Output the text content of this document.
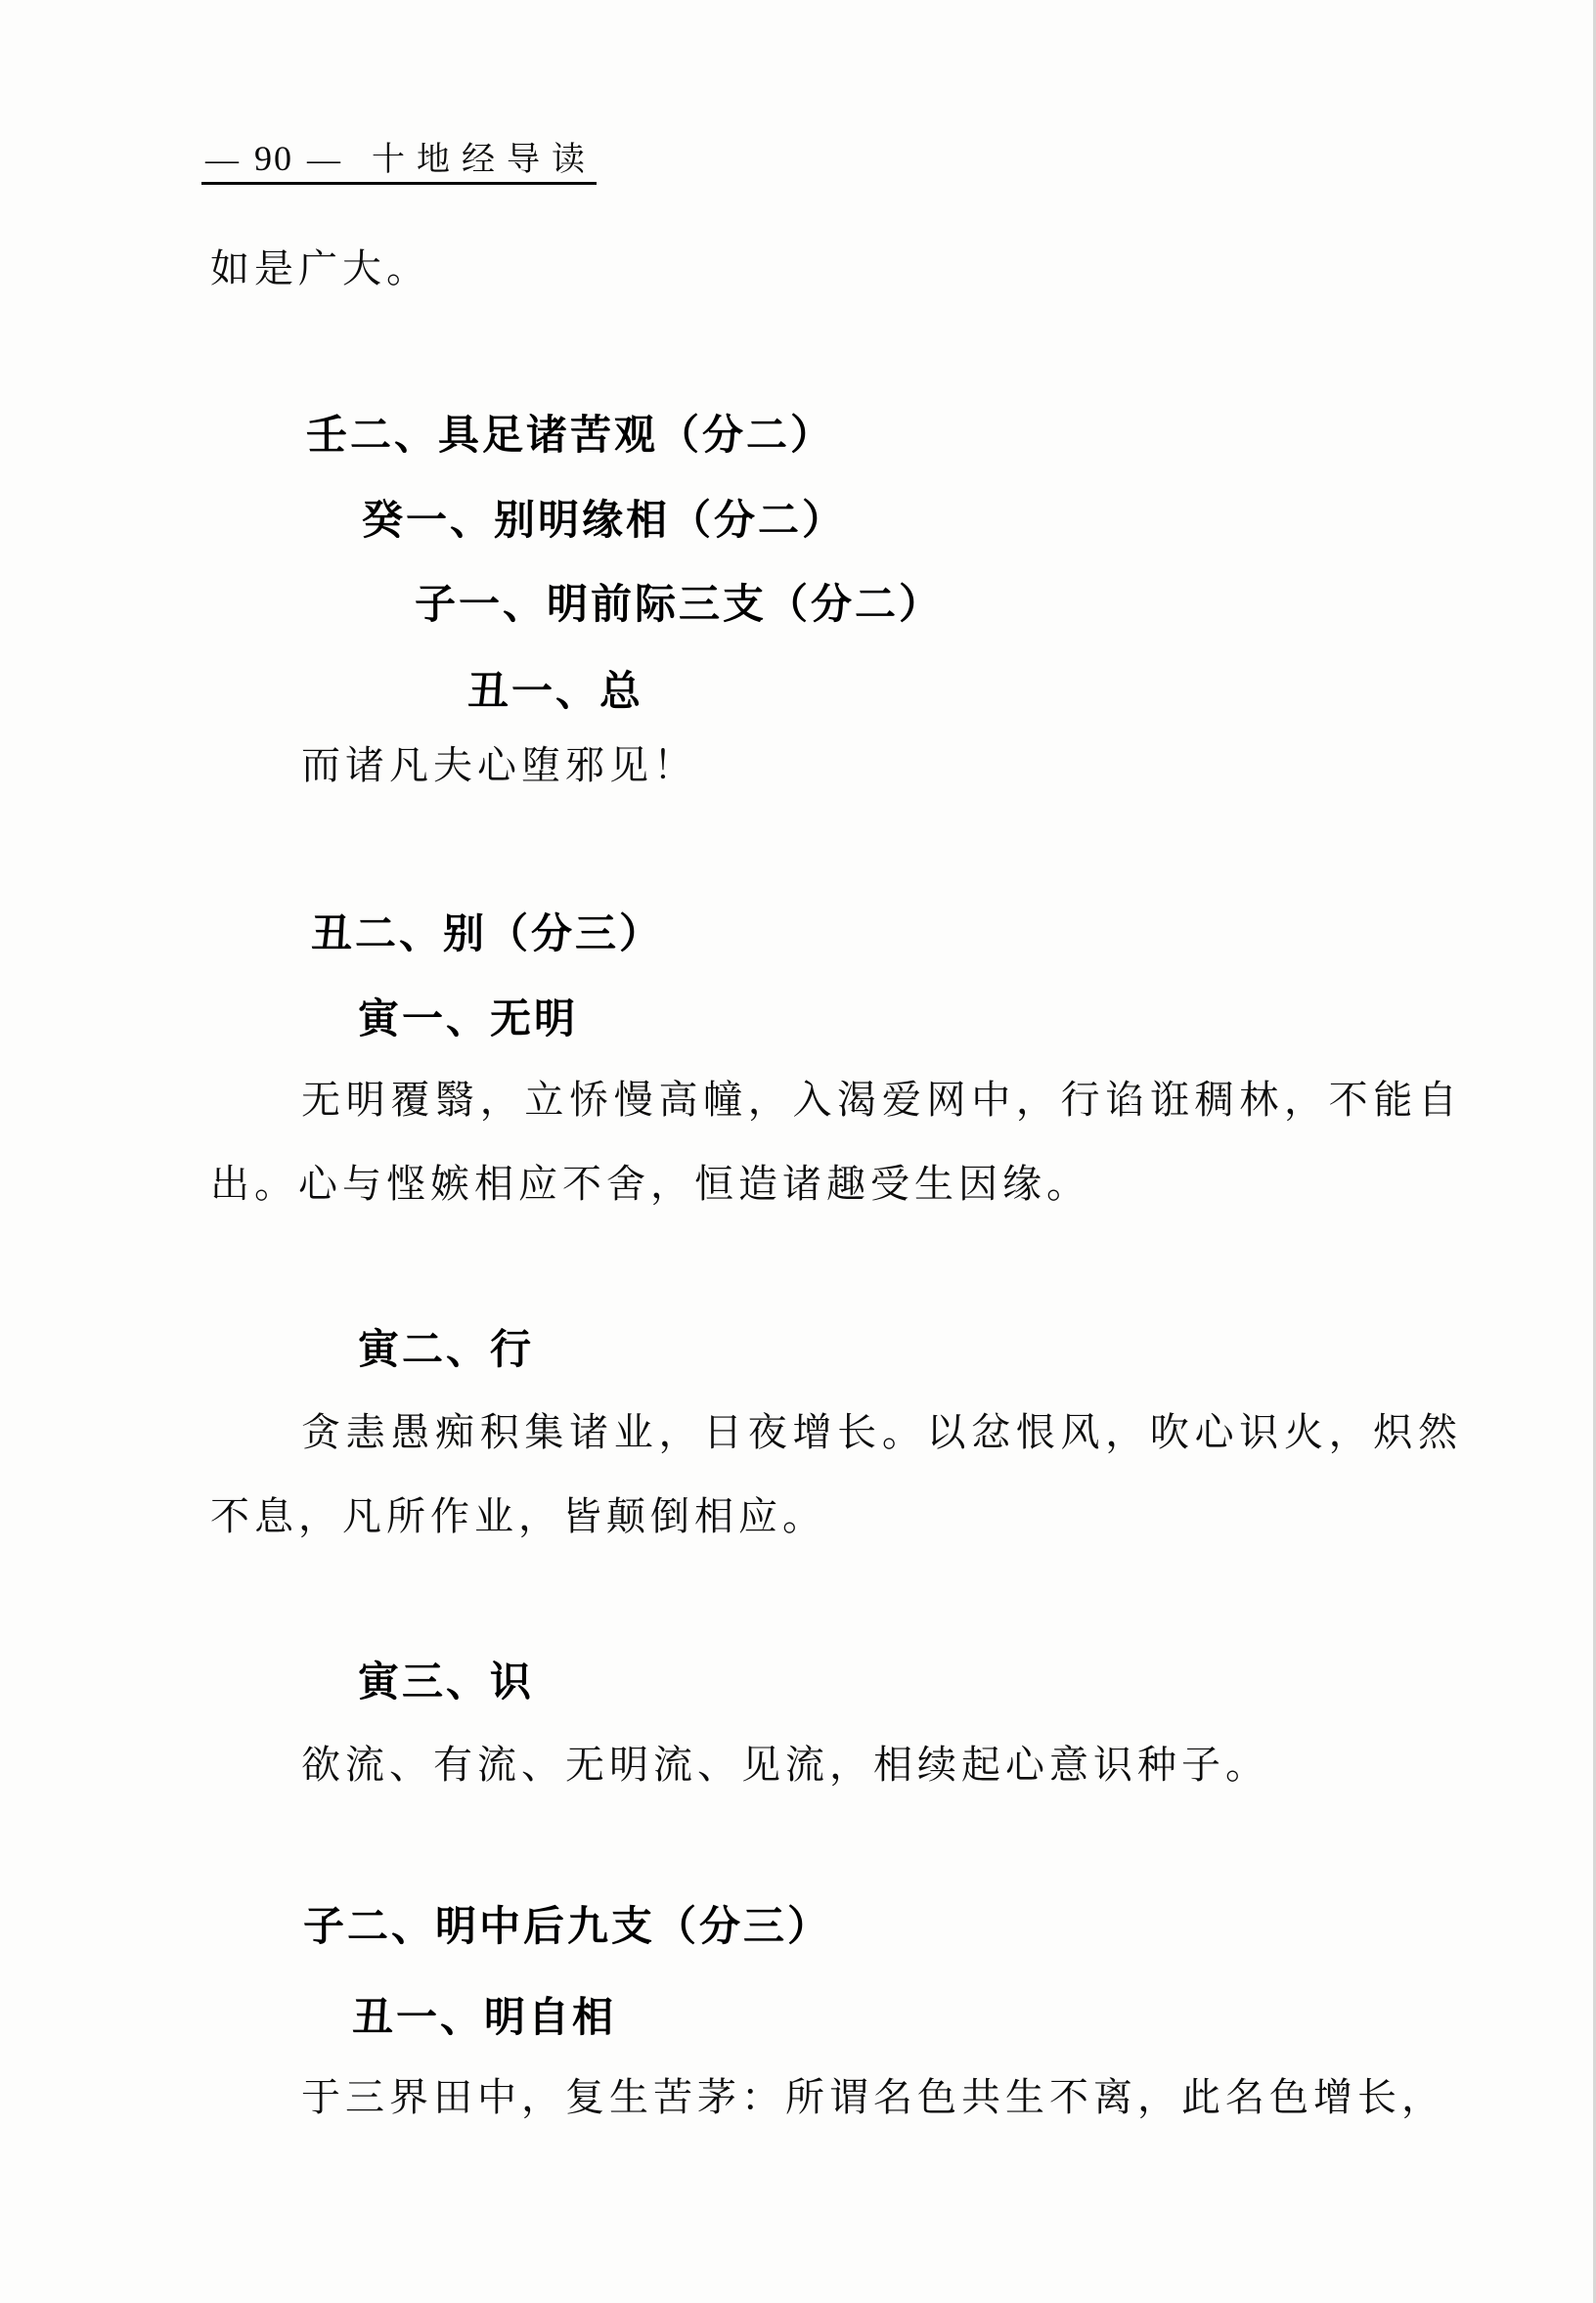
— 90 — 十地经导读

如是广大。

壬二、具足诸苦观（分二）
癸一、别明缘相（分二）
子一、明前际三支（分二）
丑一、总

而诸凡夫心堕邪见！

丑二、别（分三）
寅一、无明

无明覆翳，立㤭慢高幢，入渴爱网中，行谄诳稠林，不能自出。心与悭嫉相应不舍，恒造诸趣受生因缘。

寅二、行

贪恚愚痴积集诸业，日夜增长。以忿恨风，吹心识火，炽然不息，凡所作业，皆颠倒相应。

寅三、识

欲流、有流、无明流、见流，相续起心意识种子。

子二、明中后九支（分三）
丑一、明自相

于三界田中，复生苦茅：所谓名色共生不离，此名色增长，
